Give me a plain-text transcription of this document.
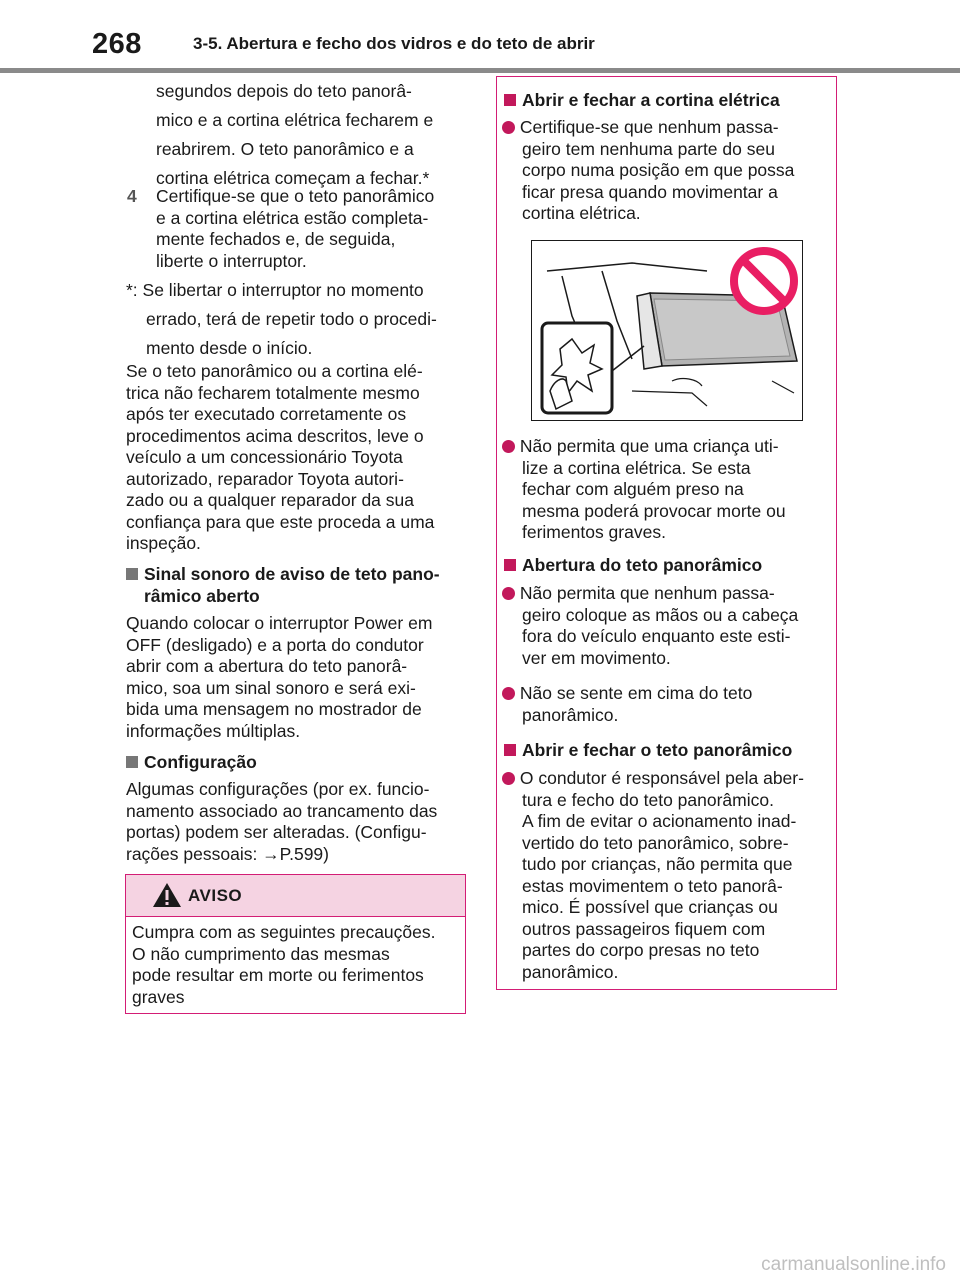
268	3-5. Abertura e fecho dos vidros e do teto de abrir
segundos depois do teto panorâ-
mico e a cortina elétrica fecharem e
reabrirem. O teto panorâmico e a
cortina elétrica começam a fechar.*
4 Certifique-se que o teto panorâmico
e a cortina elétrica estão completa-
mente fechados e, de seguida,
liberte o interruptor.
*: Se libertar o interruptor no momento
errado, terá de repetir todo o procedi-
mento desde o início.
Se o teto panorâmico ou a cortina elé-
trica não fecharem totalmente mesmo
após ter executado corretamente os
procedimentos acima descritos, leve o
veículo a um concessionário Toyota
autorizado, reparador Toyota autori-
zado ou a qualquer reparador da sua
confiança para que este proceda a uma
inspeção.
Sinal sonoro de aviso de teto pano-
râmico aberto
Quando colocar o interruptor Power em
OFF (desligado) e a porta do condutor
abrir com a abertura do teto panorâ-
mico, soa um sinal sonoro e será exi-
bida uma mensagem no mostrador de
informações múltiplas.
Configuração
Algumas configurações (por ex. funcio-
namento associado ao trancamento das
portas) podem ser alteradas. (Configu-
rações pessoais: →P.599)
AVISO
Cumpra com as seguintes precauções.
O não cumprimento das mesmas
pode resultar em morte ou ferimentos
graves
Abrir e fechar a cortina elétrica
Certifique-se que nenhum passa-
geiro tem nenhuma parte do seu
corpo numa posição em que possa
ficar presa quando movimentar a
cortina elétrica.
Não permita que uma criança uti-
lize a cortina elétrica. Se esta
fechar com alguém preso na
mesma poderá provocar morte ou
ferimentos graves.
Abertura do teto panorâmico
Não permita que nenhum passa-
geiro coloque as mãos ou a cabeça
fora do veículo enquanto este esti-
ver em movimento.
Não se sente em cima do teto
panorâmico.
Abrir e fechar o teto panorâmico
O condutor é responsável pela aber-
tura e fecho do teto panorâmico.
A fim de evitar o acionamento inad-
vertido do teto panorâmico, sobre-
tudo por crianças, não permita que
estas movimentem o teto panorâ-
mico. É possível que crianças ou
outros passageiros fiquem com
partes do corpo presas no teto
panorâmico.
carmanualsonline.info
